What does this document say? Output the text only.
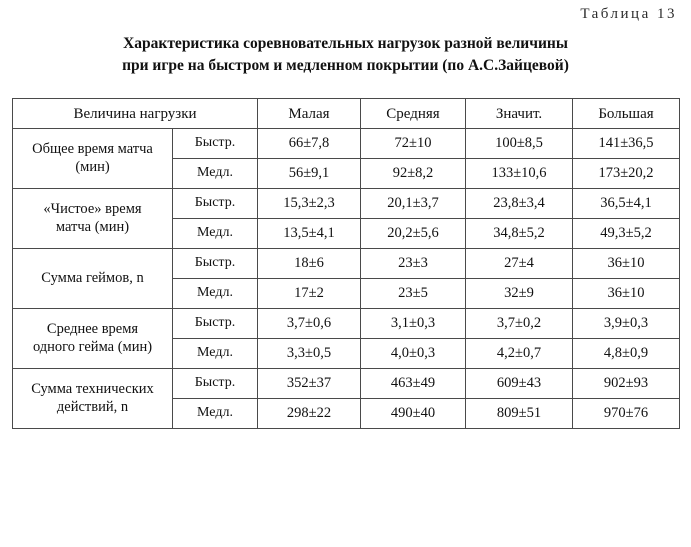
Таблица 13
Характеристика соревновательных нагрузок разной величины
при игре на быстром и медленном покрытии (по А.С.Зайцевой)
Величина нагрузки		Малая	Средняя	Значит.	Большая

Общее время матча
(мин)	Быстр.	66±7,8	72±10	100±8,5	141±36,5
	Медл.	56±9,1	92±8,2	133±10,6	173±20,2

«Чистое» время
матча (мин)	Быстр.	15,3±2,3	20,1±3,7	23,8±3,4	36,5±4,1
	Медл.	13,5±4,1	20,2±5,6	34,8±5,2	49,3±5,2

Сумма геймов, n	Быстр.	18±6	23±3	27±4	36±10
	Медл.	17±2	23±5	32±9	36±10

Среднее время
одного гейма (мин)	Быстр.	3,7±0,6	3,1±0,3	3,7±0,2	3,9±0,3
	Медл.	3,3±0,5	4,0±0,3	4,2±0,7	4,8±0,9

Сумма технических
действий, n	Быстр.	352±37	463±49	609±43	902±93
	Медл.	298±22	490±40	809±51	970±76
